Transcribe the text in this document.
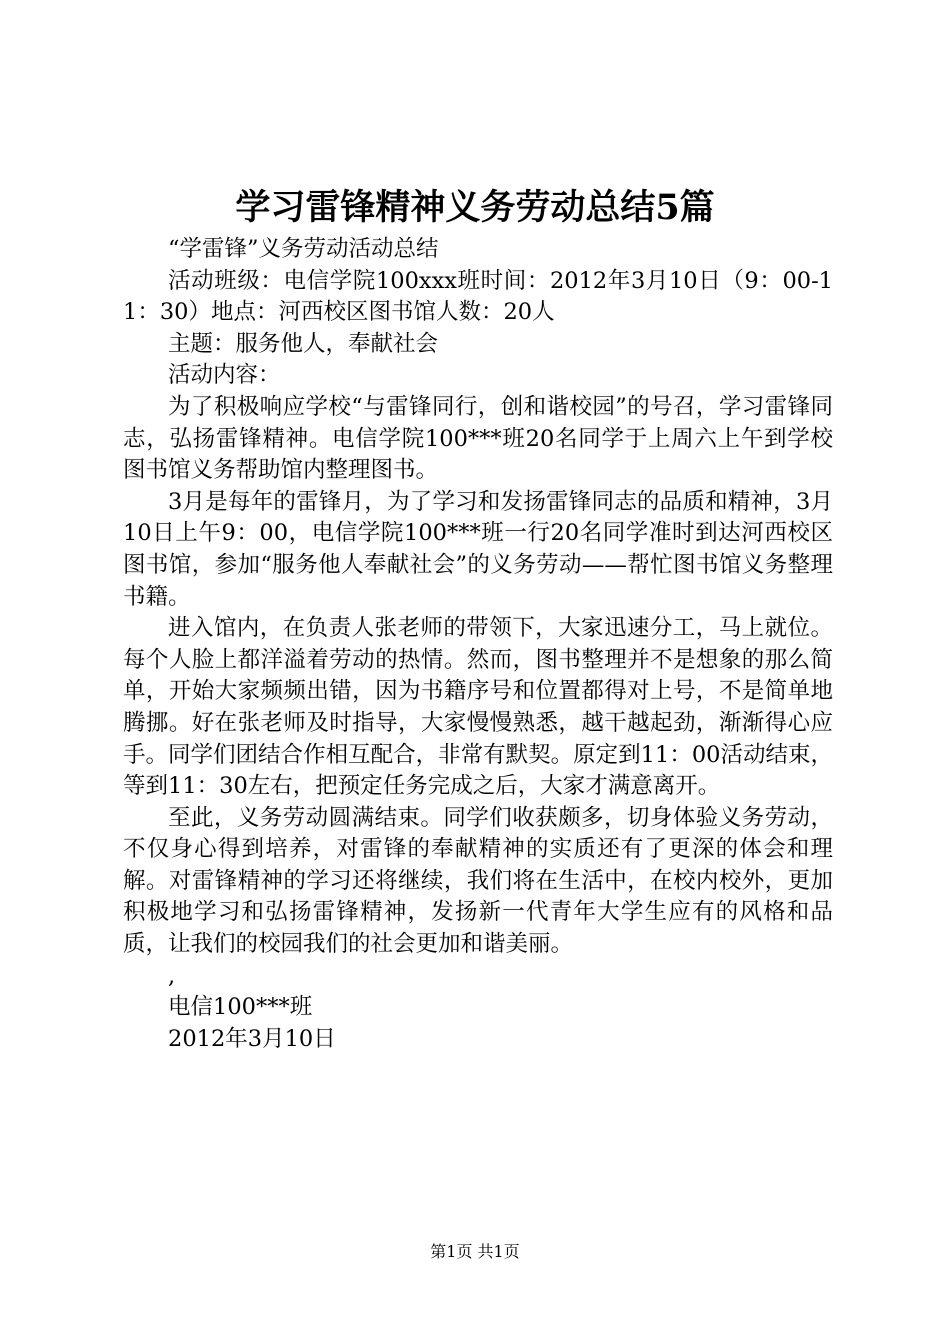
学习雷锋精神义务劳动总结5篇

“学雷锋”义务劳动活动总结

活动班级：电信学院100xxx班时间：2012年3月10日（9：00-11：30）地点：河西校区图书馆人数：20人

主题：服务他人，奉献社会

活动内容：

为了积极响应学校“与雷锋同行，创和谐校园”的号召，学习雷锋同志，弘扬雷锋精神。电信学院100***班20名同学于上周六上午到学校图书馆义务帮助馆内整理图书。

3月是每年的雷锋月，为了学习和发扬雷锋同志的品质和精神，3月10日上午9：00，电信学院100***班一行20名同学准时到达河西校区图书馆，参加“服务他人奉献社会”的义务劳动——帮忙图书馆义务整理书籍。

进入馆内，在负责人张老师的带领下，大家迅速分工，马上就位。每个人脸上都洋溢着劳动的热情。然而，图书整理并不是想象的那么简单，开始大家频频出错，因为书籍序号和位置都得对上号，不是简单地腾挪。好在张老师及时指导，大家慢慢熟悉，越干越起劲，渐渐得心应手。同学们团结合作相互配合，非常有默契。原定到11：00活动结束，等到11：30左右，把预定任务完成之后，大家才满意离开。

至此，义务劳动圆满结束。同学们收获颇多，切身体验义务劳动，不仅身心得到培养，对雷锋的奉献精神的实质还有了更深的体会和理解。对雷锋精神的学习还将继续，我们将在生活中，在校内校外，更加积极地学习和弘扬雷锋精神，发扬新一代青年大学生应有的风格和品质，让我们的校园我们的社会更加和谐美丽。

,

电信100***班

2012年3月10日

第1页 共1页
